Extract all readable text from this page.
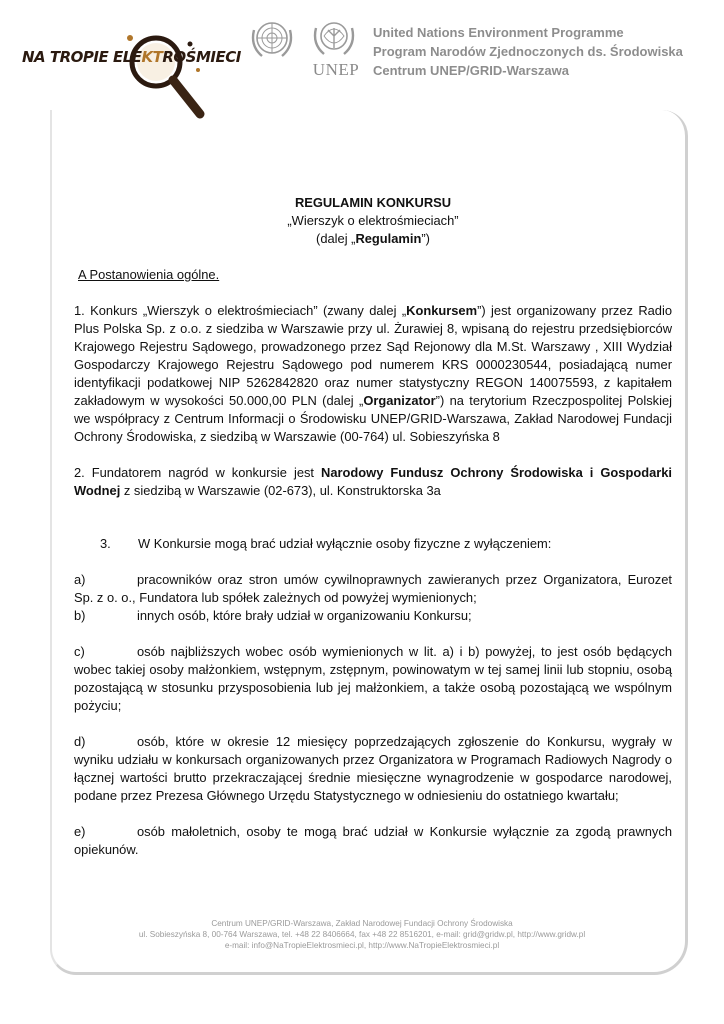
NA TROPIE ELEKTROŚMIECI
UNEP
United Nations Environment Programme
Program Narodów Zjednoczonych ds. Środowiska
Centrum UNEP/GRID-Warszawa
REGULAMIN KONKURSU
„Wierszyk o elektrośmieciach”
(dalej „Regulamin”)
A Postanowienia ogólne.

1. Konkurs „Wierszyk o elektrośmieciach” (zwany dalej „Konkursem”) jest organizowany przez Radio Plus Polska Sp. z o.o. z siedziba w Warszawie przy ul. Żurawiej 8, wpisaną do rejestru przedsiębiorców Krajowego Rejestru Sądowego, prowadzonego przez Sąd Rejonowy dla M.St. Warszawy , XIII Wydział Gospodarczy Krajowego Rejestru Sądowego pod numerem KRS 0000230544, posiadającą numer identyfikacji podatkowej NIP 5262842820 oraz numer statystyczny REGON 140075593, z kapitałem zakładowym w wysokości 50.000,00 PLN (dalej „Organizator”) na terytorium Rzeczpospolitej Polskiej we współpracy z Centrum Informacji o Środowisku UNEP/GRID-Warszawa, Zakład Narodowej Fundacji Ochrony Środowiska, z siedzibą w Warszawie (00-764) ul. Sobieszyńska 8

2. Fundatorem nagród w konkursie jest Narodowy Fundusz Ochrony Środowiska i Gospodarki Wodnej z siedzibą w Warszawie (02-673), ul. Konstruktorska 3a

3. W Konkursie mogą brać udział wyłącznie osoby fizyczne z wyłączeniem:

a)	pracowników oraz stron umów cywilnoprawnych zawieranych przez Organizatora, Eurozet Sp. z o. o., Fundatora lub spółek zależnych od powyżej wymienionych;

b)	innych osób, które brały udział w organizowaniu Konkursu;

c)	osób najbliższych wobec osób wymienionych w lit. a) i b) powyżej, to jest osób będących wobec takiej osoby małżonkiem, wstępnym, zstępnym, powinowatym w tej samej linii lub stopniu, osobą pozostającą w stosunku przysposobienia lub jej małżonkiem, a także osobą pozostającą we wspólnym pożyciu;

d)	osób, które w okresie 12 miesięcy poprzedzających zgłoszenie do Konkursu, wygrały w wyniku udziału w konkursach organizowanych przez Organizatora w Programach Radiowych Nagrody o łącznej wartości brutto przekraczającej średnie miesięczne wynagrodzenie w gospodarce narodowej, podane przez Prezesa Głównego Urzędu Statystycznego w odniesieniu do ostatniego kwartału;

e)	osób małoletnich, osoby te mogą brać udział w Konkursie wyłącznie za zgodą prawnych opiekunów.

Centrum UNEP/GRID-Warszawa, Zakład Narodowej Fundacji Ochrony Środowiska
ul. Sobieszyńska 8, 00-764 Warszawa, tel. +48 22 8406664, fax +48 22 8516201, e-mail: grid@gridw.pl, http://www.gridw.pl
e-mail: info@NaTropieElektrosmieci.pl, http://www.NaTropieElektrosmieci.pl
